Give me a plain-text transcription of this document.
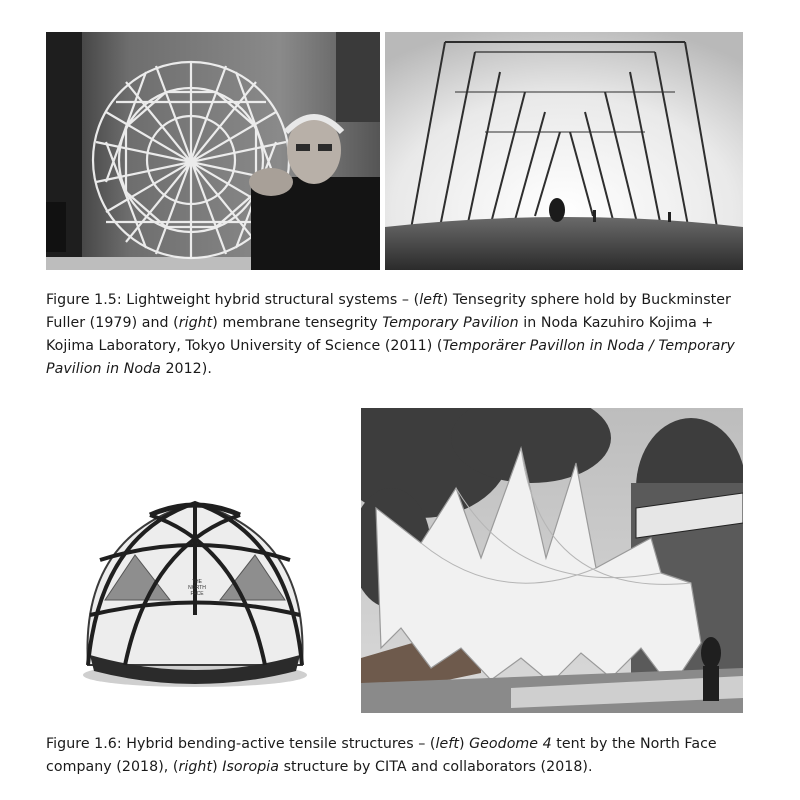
Figure 1.5: Lightweight hybrid structural systems – (left) Tensegrity sphere hold by Buckminster Fuller (1979) and (right) membrane tensegrity Temporary Pavilion in Noda Kazuhiro Kojima + Kojima Laboratory, Tokyo University of Science (2011) (Temporärer Pavillon in Noda / Temporary Pavilion in Noda 2012).

THE
NORTH
FACE

Figure 1.6: Hybrid bending-active tensile structures – (left) Geodome 4 tent by the North Face company (2018), (right) Isoropia structure by CITA and collaborators (2018).
